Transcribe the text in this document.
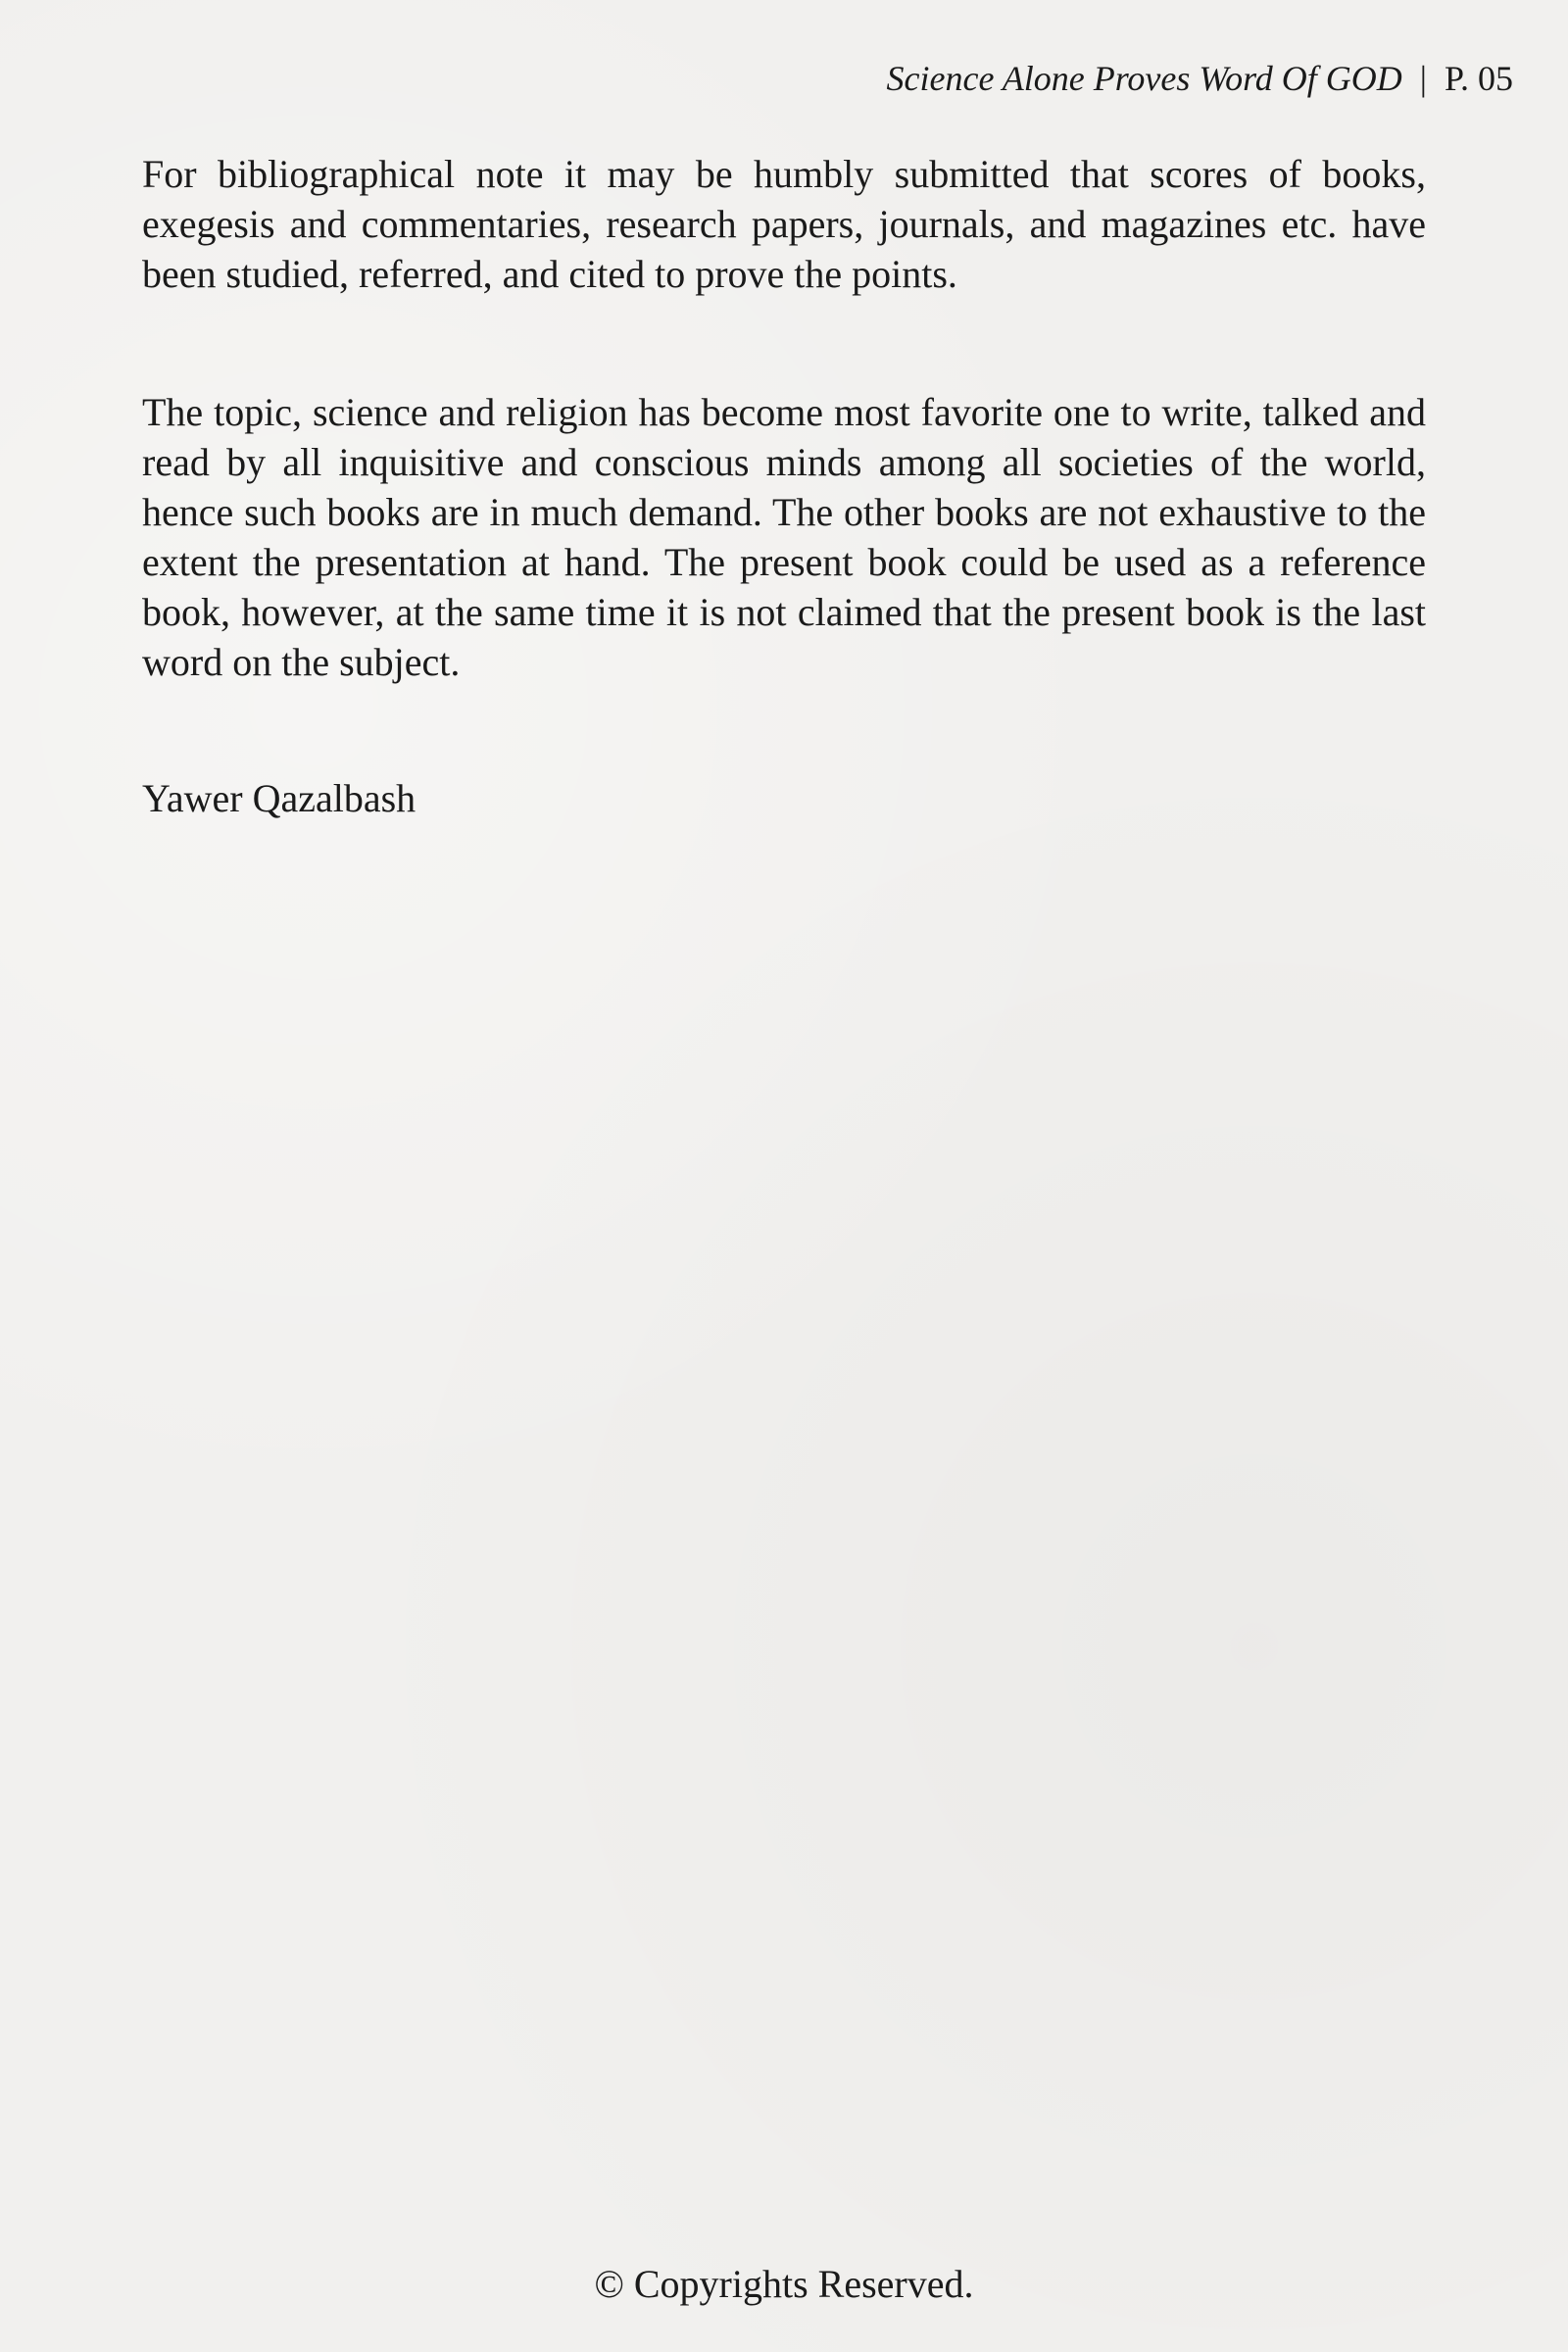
Science Alone Proves Word Of GOD | P. 05

For bibliographical note it may be humbly submitted that scores of books, exegesis and commentaries, research papers, journals, and magazines etc. have been studied, referred, and cited to prove the points.

The topic, science and religion has become most favorite one to write, talked and read by all inquisitive and conscious minds among all societies of the world, hence such books are in much demand. The other books are not exhaustive to the extent the presentation at hand. The present book could be used as a reference book, however, at the same time it is not claimed that the present book is the last word on the subject.

Yawer Qazalbash

© Copyrights Reserved.
